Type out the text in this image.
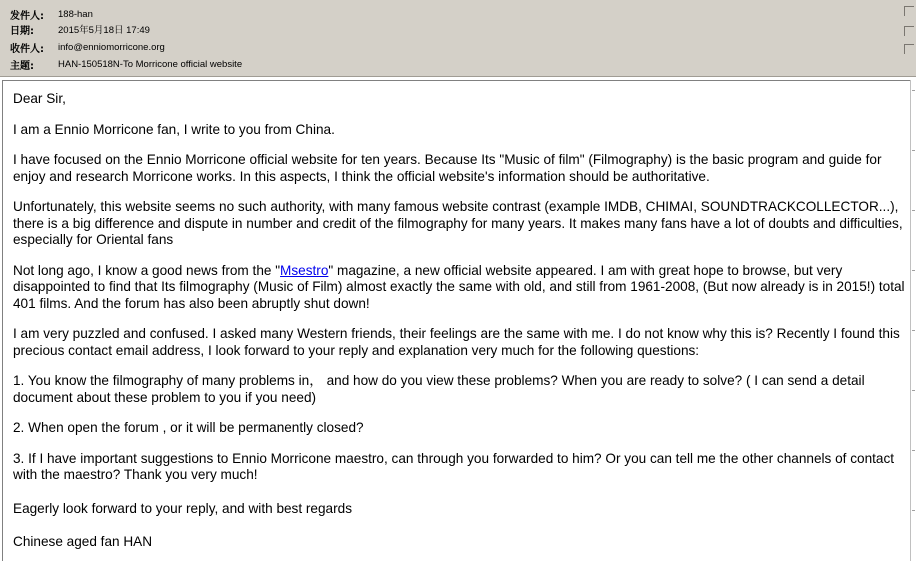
发件人:	188-han
日期:	2015年5月18日 17:49
收件人:	info@enniomorricone.org
主题:	HAN-150518N-To Morricone official website

Dear Sir,

I am a Ennio Morricone fan, I write to you from China.

I have focused on the Ennio Morricone official website for ten years. Because Its "Music of film" (Filmography) is the basic program and guide for enjoy and research Morricone works. In this aspects, I think the official website's information should be authoritative.

Unfortunately, this website seems no such authority, with many famous website contrast (example IMDB, CHIMAI, SOUNDTRACKCOLLECTOR...), there is a big difference and dispute in number and credit of the filmography for many years. It makes many fans have a lot of doubts and difficulties, especially for Oriental fans

Not long ago, I know a good news from the "Msestro" magazine, a new official website appeared. I am with great hope to browse, but very disappointed to find that Its filmography (Music of Film) almost exactly the same with old, and still from 1961-2008, (But now already is in 2015!) total 401 films. And the forum has also been abruptly shut down!

I am very puzzled and confused. I asked many Western friends, their feelings are the same with me. I do not know why this is? Recently I found this precious contact email address, I look forward to your reply and explanation very much for the following questions:

1. You know the filmography of many problems in， and how do you view these problems? When you are ready to solve? ( I can send a detail document about these problem to you if you need)

2. When open the forum , or it will be permanently closed?

3. If I have important suggestions to Ennio Morricone maestro, can through you forwarded to him? Or you can tell me the other channels of contact with the maestro? Thank you very much!

Eagerly look forward to your reply, and with best regards

Chinese aged fan HAN
